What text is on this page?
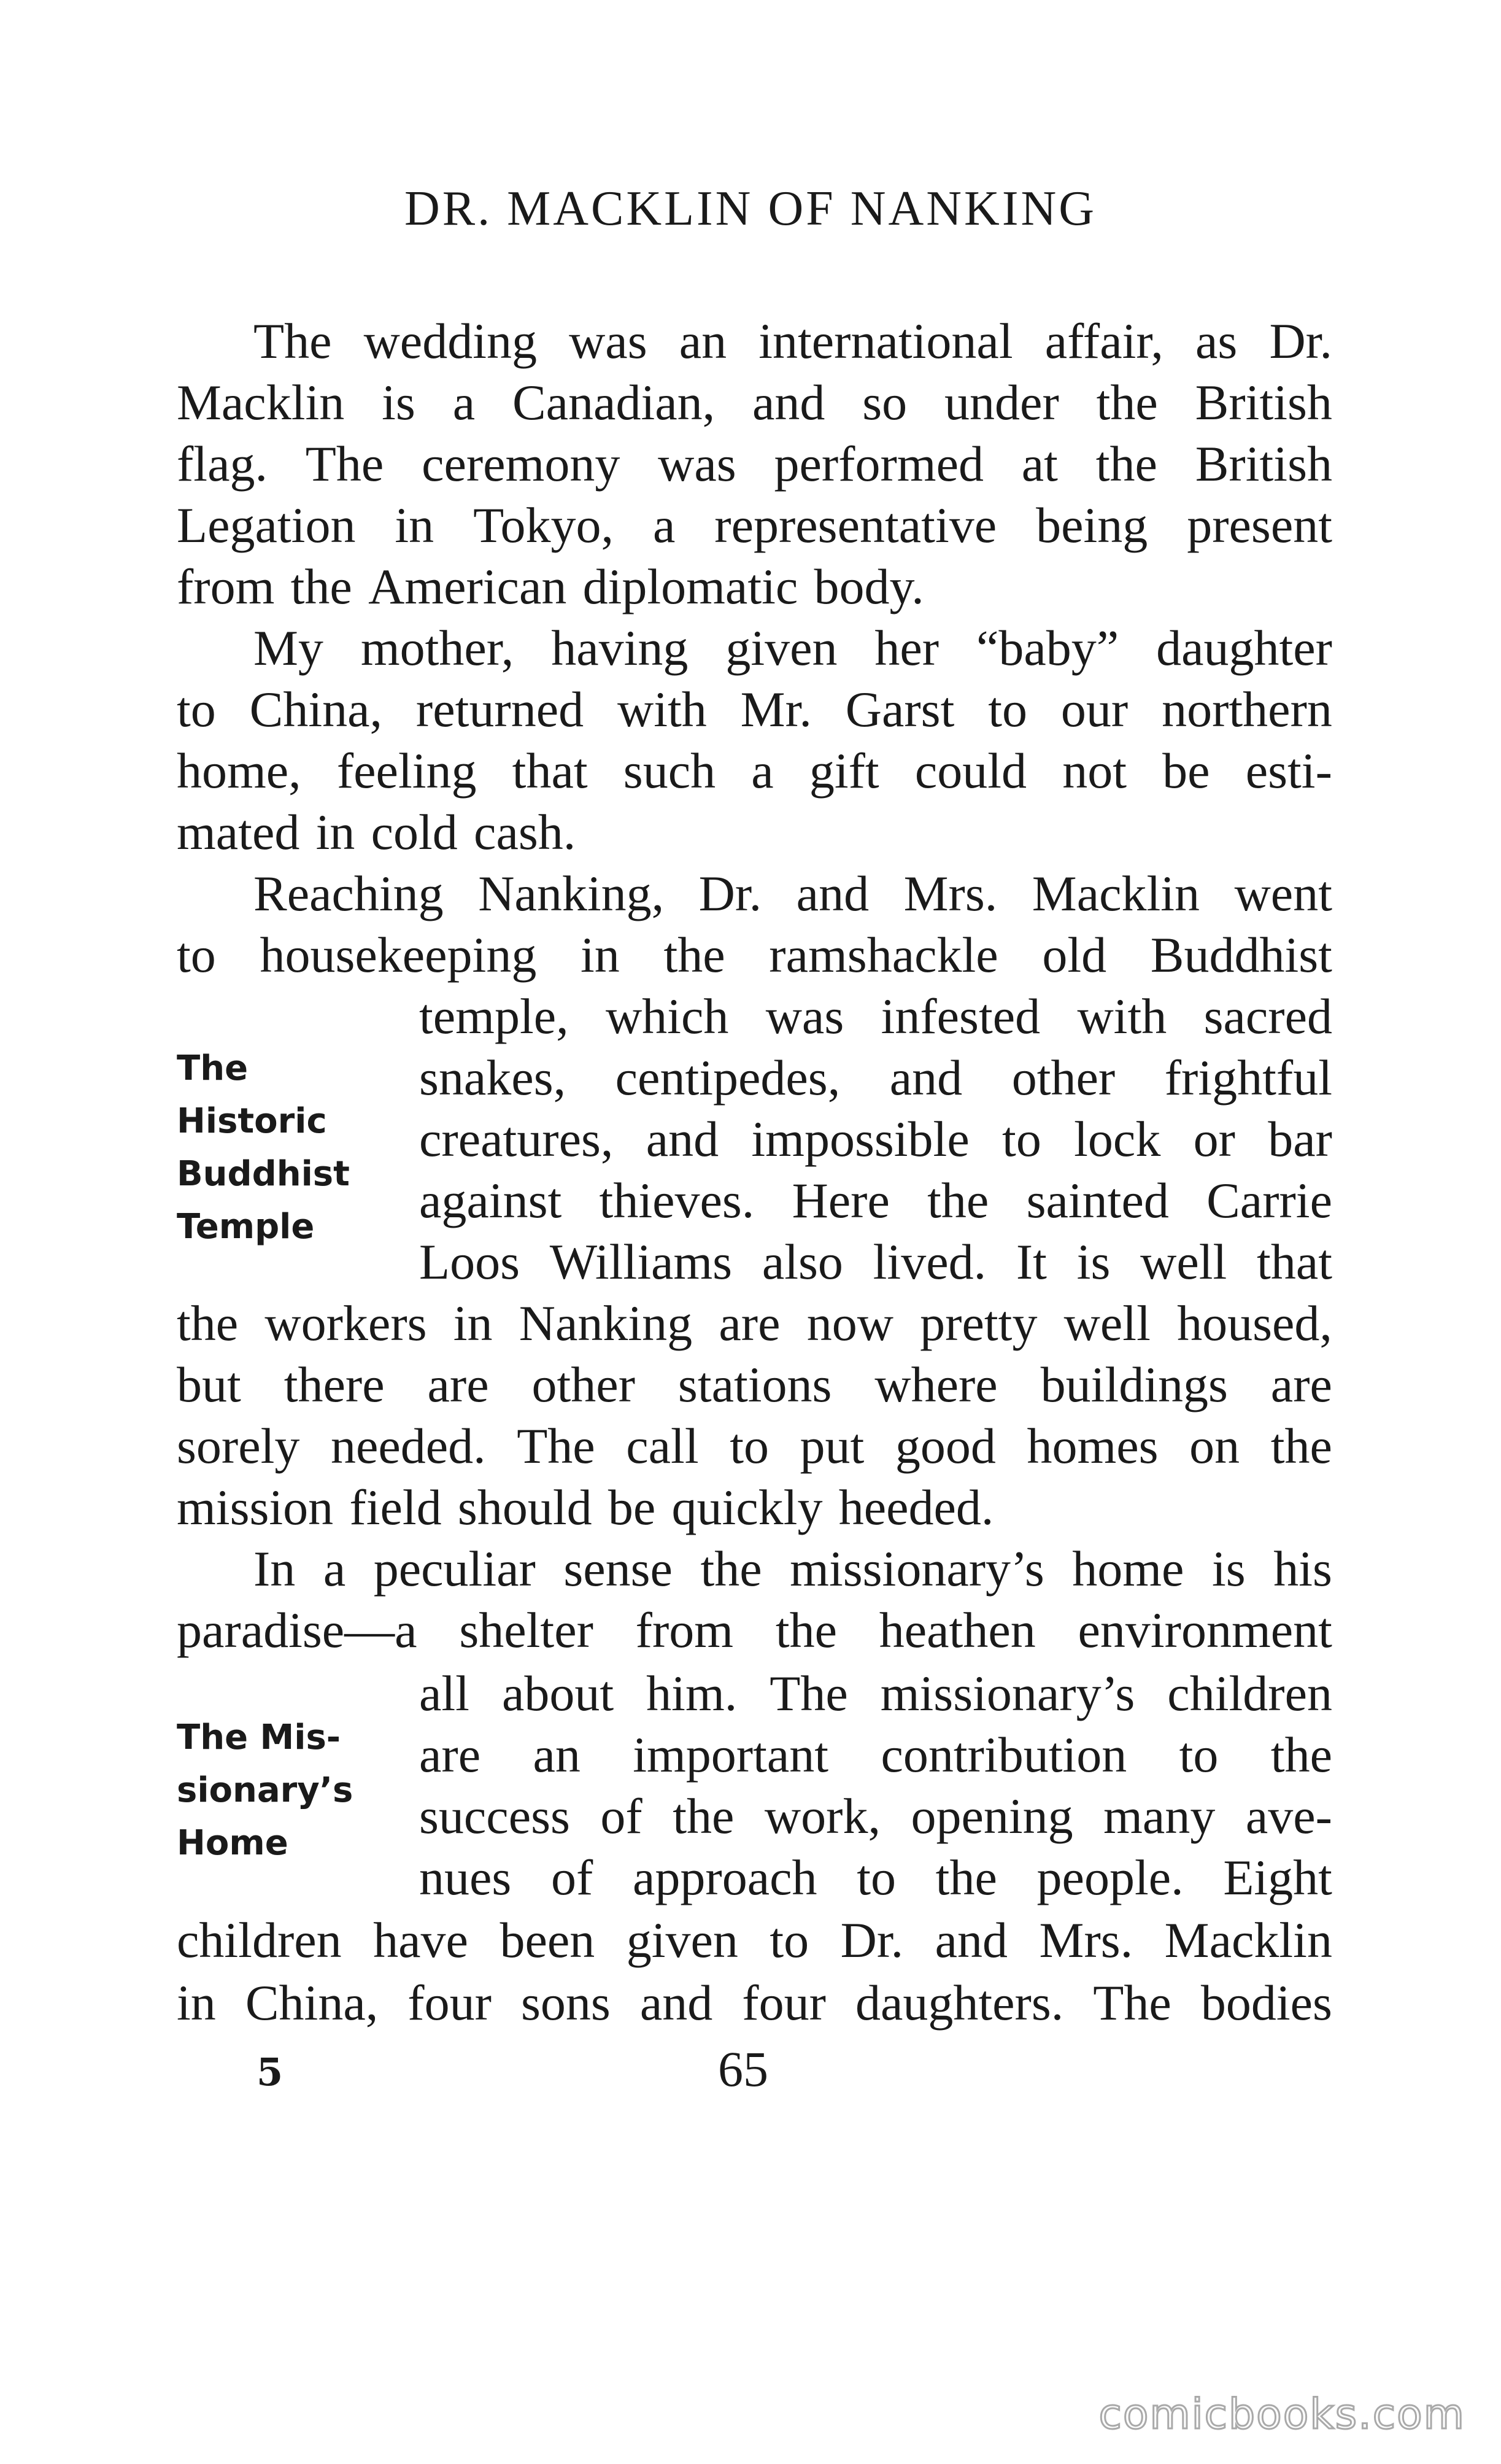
DR. MACKLIN OF NANKING
The wedding was an international affair, as Dr.
Macklin is a Canadian, and so under the British
flag. The ceremony was performed at the British
Legation in Tokyo, a representative being present
from the American diplomatic body.
My mother, having given her “baby” daughter
to China, returned with Mr. Garst to our northern
home, feeling that such a gift could not be esti-
mated in cold cash.
Reaching Nanking, Dr. and Mrs. Macklin went
to housekeeping in the ramshackle old Buddhist
temple, which was infested with sacred
snakes, centipedes, and other frightful
creatures, and impossible to lock or bar
against thieves. Here the sainted Carrie
Loos Williams also lived. It is well that
the workers in Nanking are now pretty well housed,
but there are other stations where buildings are
sorely needed. The call to put good homes on the
mission field should be quickly heeded.
In a peculiar sense the missionary’s home is his
paradise—a shelter from the heathen environment
all about him. The missionary’s children
are an important contribution to the
success of the work, opening many ave-
nues of approach to the people. Eight
children have been given to Dr. and Mrs. Macklin
in China, four sons and four daughters. The bodies
The
Historic
Buddhist
Temple
The Mis-
sionary’s
Home
5	65
comicbooks.com
